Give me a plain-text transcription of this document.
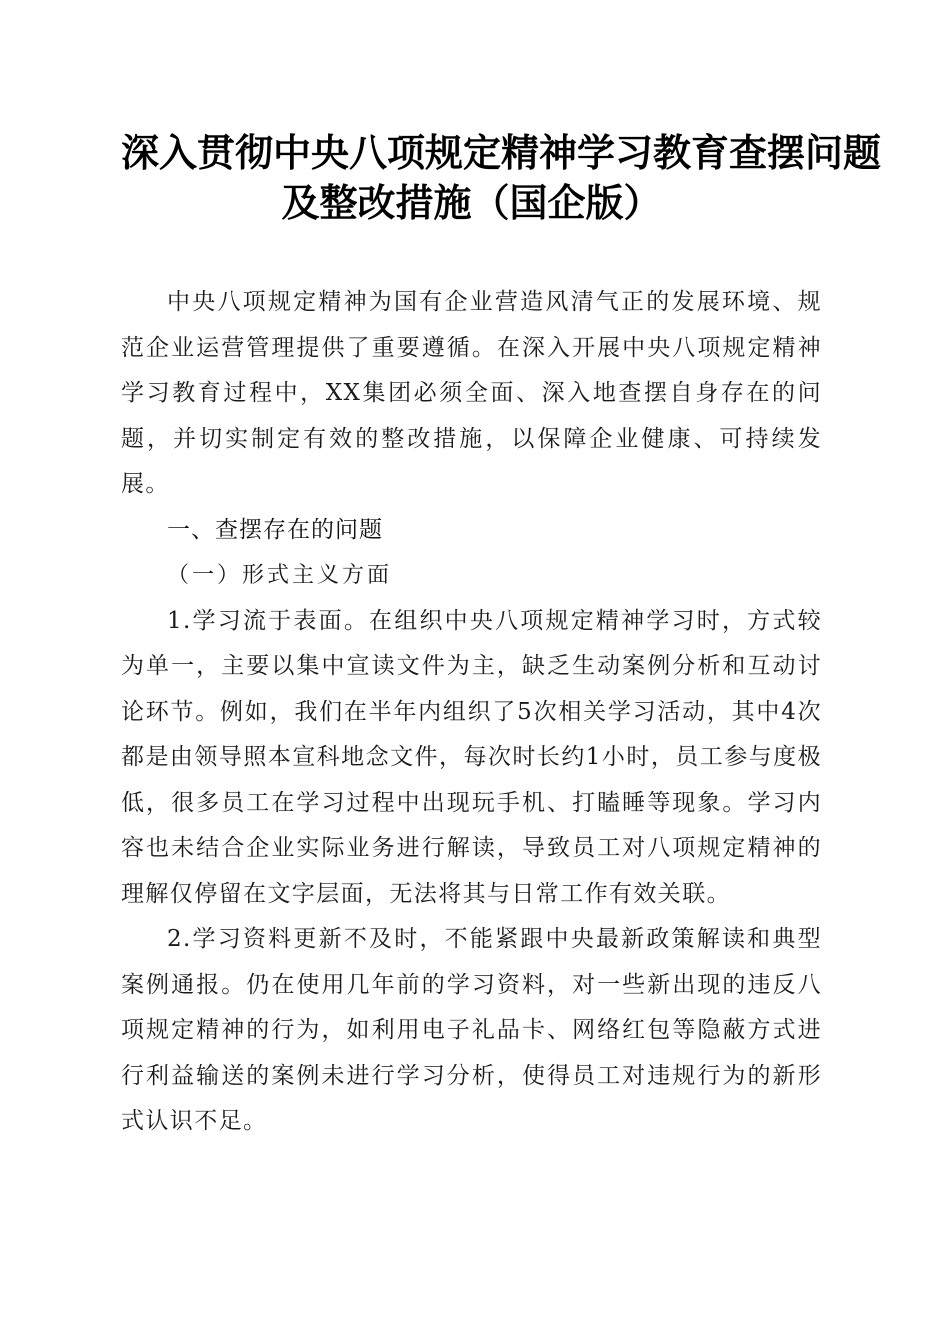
深入贯彻中央八项规定精神学习教育查摆问题
及整改措施（国企版）

中央八项规定精神为国有企业营造风清气正的发展环境、规范企业运营管理提供了重要遵循。在深入开展中央八项规定精神学习教育过程中，XX集团必须全面、深入地查摆自身存在的问题，并切实制定有效的整改措施，以保障企业健康、可持续发展。

一、查摆存在的问题

（一）形式主义方面

1.学习流于表面。在组织中央八项规定精神学习时，方式较为单一，主要以集中宣读文件为主，缺乏生动案例分析和互动讨论环节。例如，我们在半年内组织了5次相关学习活动，其中4次都是由领导照本宣科地念文件，每次时长约1小时，员工参与度极低，很多员工在学习过程中出现玩手机、打瞌睡等现象。学习内容也未结合企业实际业务进行解读，导致员工对八项规定精神的理解仅停留在文字层面，无法将其与日常工作有效关联。

2.学习资料更新不及时，不能紧跟中央最新政策解读和典型案例通报。仍在使用几年前的学习资料，对一些新出现的违反八项规定精神的行为，如利用电子礼品卡、网络红包等隐蔽方式进行利益输送的案例未进行学习分析，使得员工对违规行为的新形式认识不足。
